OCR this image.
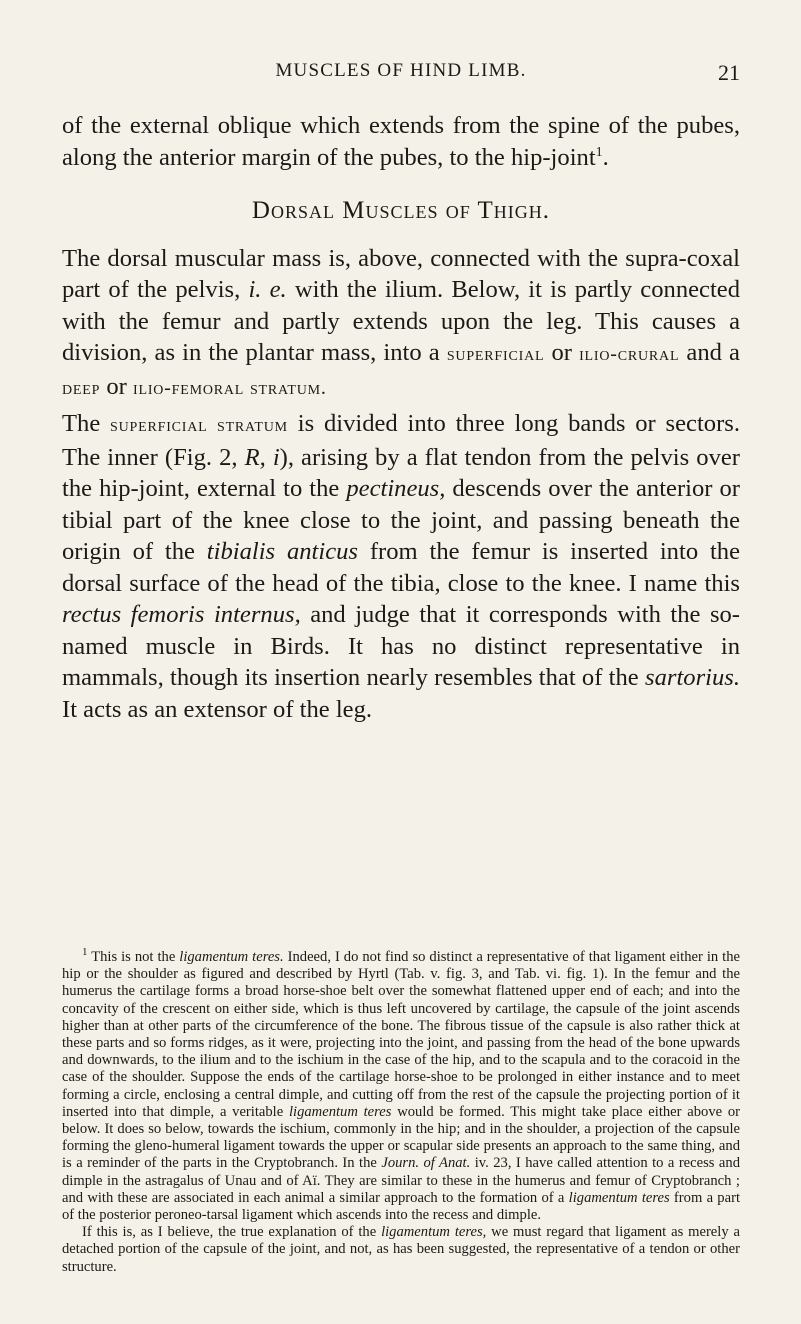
MUSCLES OF HIND LIMB.	21

of the external oblique which extends from the spine of the pubes, along the anterior margin of the pubes, to the hip-joint$^1$.

Dorsal Muscles of Thigh.

The dorsal muscular mass is, above, connected with the supra-coxal part of the pelvis, i. e. with the ilium. Below, it is partly connected with the femur and partly extends upon the leg. This causes a division, as in the plantar mass, into a superficial or ilio-crural and a deep or ilio-femoral stratum.

The superficial stratum is divided into three long bands or sectors. The inner (Fig. 2, R, i), arising by a flat tendon from the pelvis over the hip-joint, external to the pectineus, descends over the anterior or tibial part of the knee close to the joint, and passing beneath the origin of the tibialis anticus from the femur is inserted into the dorsal surface of the head of the tibia, close to the knee. I name this rectus femoris internus, and judge that it corresponds with the so-named muscle in Birds. It has no distinct representative in mammals, though its insertion nearly resembles that of the sartorius. It acts as an extensor of the leg.

$^1$ This is not the ligamentum teres. Indeed, I do not find so distinct a representative of that ligament either in the hip or the shoulder as figured and described by Hyrtl (Tab. v. fig. 3, and Tab. vi. fig. 1). In the femur and the humerus the cartilage forms a broad horse-shoe belt over the somewhat flattened upper end of each; and into the concavity of the crescent on either side, which is thus left uncovered by cartilage, the capsule of the joint ascends higher than at other parts of the circumference of the bone. The fibrous tissue of the capsule is also rather thick at these parts and so forms ridges, as it were, projecting into the joint, and passing from the head of the bone upwards and downwards, to the ilium and to the ischium in the case of the hip, and to the scapula and to the coracoid in the case of the shoulder. Suppose the ends of the cartilage horse-shoe to be prolonged in either instance and to meet forming a circle, enclosing a central dimple, and cutting off from the rest of the capsule the projecting portion of it inserted into that dimple, a veritable ligamentum teres would be formed. This might take place either above or below. It does so below, towards the ischium, commonly in the hip; and in the shoulder, a projection of the capsule forming the gleno-humeral ligament towards the upper or scapular side presents an approach to the same thing, and is a reminder of the parts in the Cryptobranch. In the Journ. of Anat. iv. 23, I have called attention to a recess and dimple in the astragalus of Unau and of Aï. They are similar to these in the humerus and femur of Cryptobranch ; and with these are associated in each animal a similar approach to the formation of a ligamentum teres from a part of the posterior peroneo-tarsal ligament which ascends into the recess and dimple.

If this is, as I believe, the true explanation of the ligamentum teres, we must regard that ligament as merely a detached portion of the capsule of the joint, and not, as has been suggested, the representative of a tendon or other structure.
